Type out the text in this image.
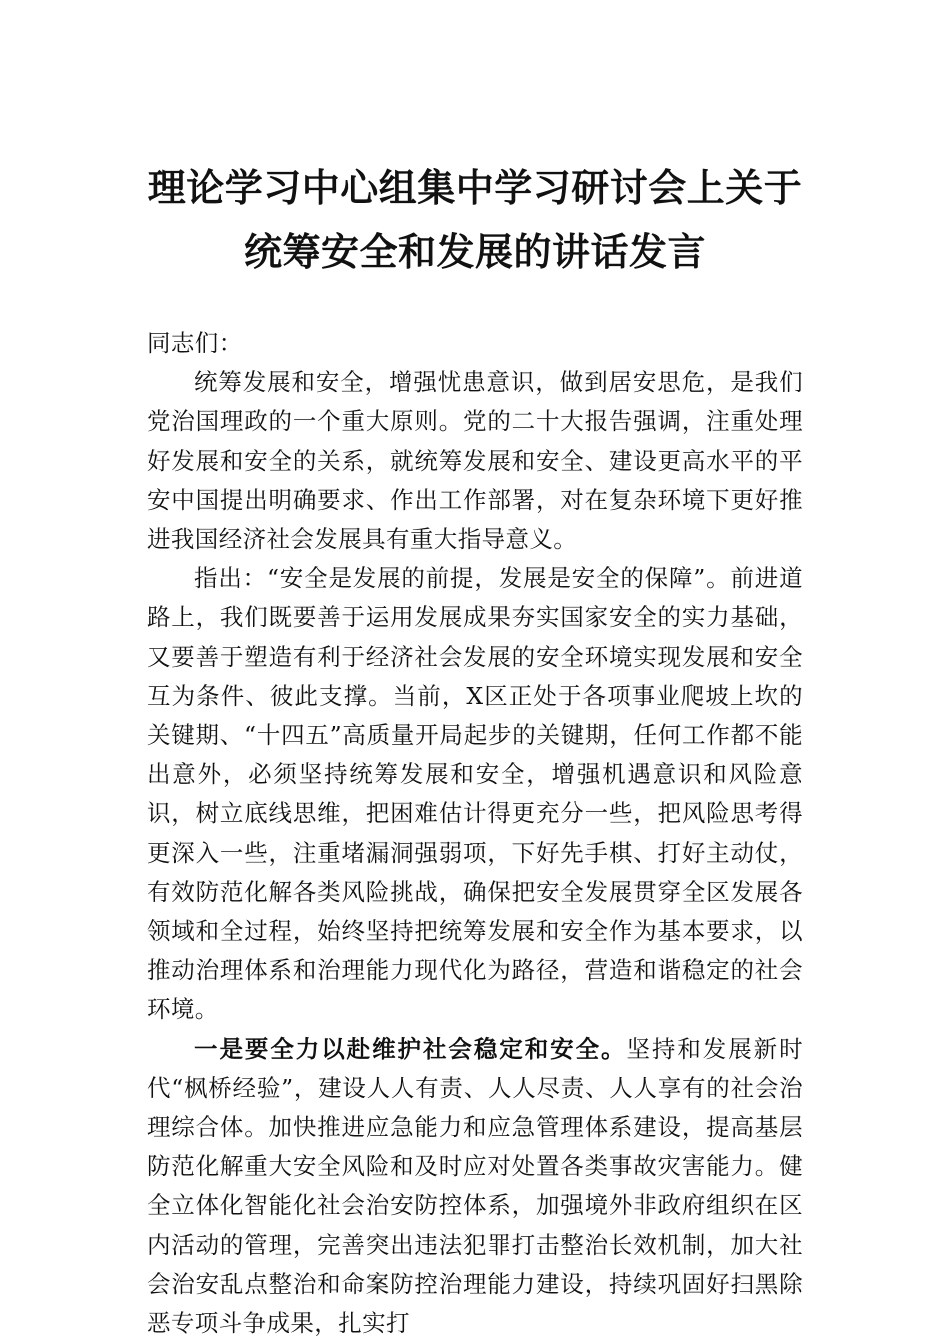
理论学习中心组集中学习研讨会上关于统筹安全和发展的讲话发言

同志们：

统筹发展和安全，增强忧患意识，做到居安思危，是我们党治国理政的一个重大原则。党的二十大报告强调，注重处理好发展和安全的关系，就统筹发展和安全、建设更高水平的平安中国提出明确要求、作出工作部署，对在复杂环境下更好推进我国经济社会发展具有重大指导意义。

指出：“安全是发展的前提，发展是安全的保障”。前进道路上，我们既要善于运用发展成果夯实国家安全的实力基础，又要善于塑造有利于经济社会发展的安全环境实现发展和安全互为条件、彼此支撑。当前，X区正处于各项事业爬坡上坎的关键期、“十四五”高质量开局起步的关键期，任何工作都不能出意外，必须坚持统筹发展和安全，增强机遇意识和风险意识，树立底线思维，把困难估计得更充分一些，把风险思考得更深入一些，注重堵漏洞强弱项，下好先手棋、打好主动仗，有效防范化解各类风险挑战，确保把安全发展贯穿全区发展各领域和全过程，始终坚持把统筹发展和安全作为基本要求，以推动治理体系和治理能力现代化为路径，营造和谐稳定的社会环境。

一是要全力以赴维护社会稳定和安全。坚持和发展新时代“枫桥经验”，建设人人有责、人人尽责、人人享有的社会治理综合体。加快推进应急能力和应急管理体系建设，提高基层防范化解重大安全风险和及时应对处置各类事故灾害能力。健全立体化智能化社会治安防控体系，加强境外非政府组织在区内活动的管理，完善突出违法犯罪打击整治长效机制，加大社会治安乱点整治和命案防控治理能力建设，持续巩固好扫黑除恶专项斗争成果，扎实打
